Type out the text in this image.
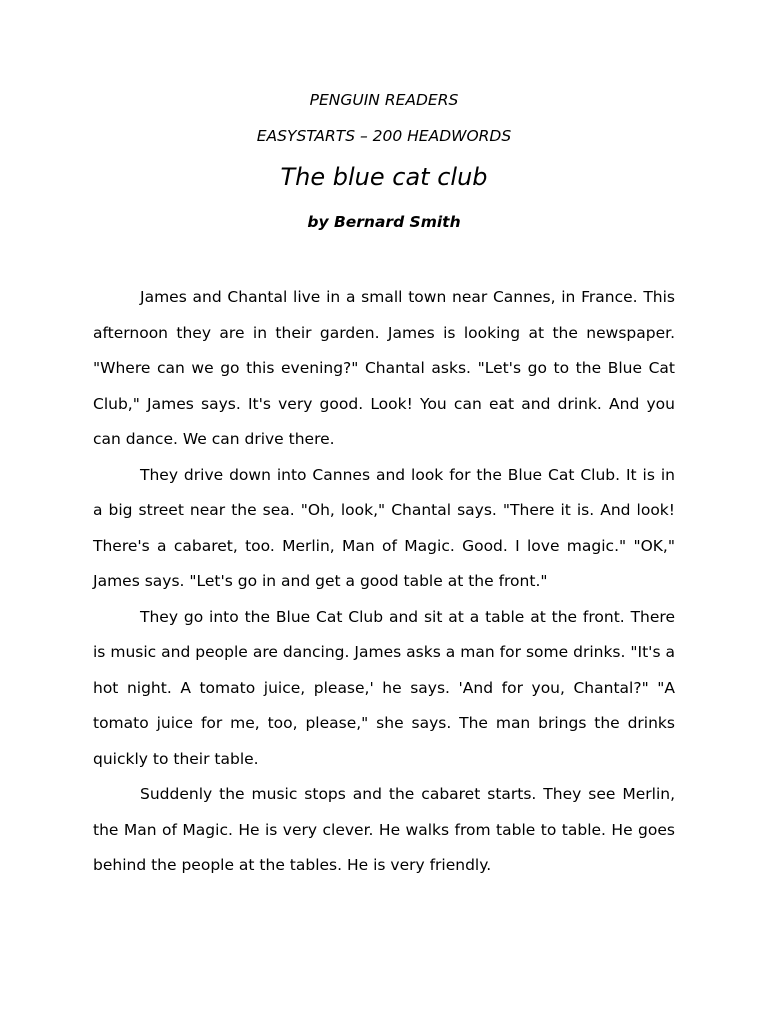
PENGUIN READERS
EASYSTARTS – 200 HEADWORDS
The blue cat club
by Bernard Smith

James and Chantal live in a small town near Cannes, in France. This afternoon they are in their garden. James is looking at the newspaper. "Where can we go this evening?" Chantal asks. "Let's go to the Blue Cat Club," James says. It's very good. Look! You can eat and drink. And you can dance. We can drive there.

They drive down into Cannes and look for the Blue Cat Club. It is in a big street near the sea. "Oh, look," Chantal says. "There it is. And look! There's a cabaret, too. Merlin, Man of Magic. Good. I love magic." "OK," James says. "Let's go in and get a good table at the front."

They go into the Blue Cat Club and sit at a table at the front. There is music and people are dancing. James asks a man for some drinks. "It's a hot night. A tomato juice, please,' he says. 'And for you, Chantal?" "A tomato juice for me, too, please," she says. The man brings the drinks quickly to their table.

Suddenly the music stops and the cabaret starts. They see Merlin, the Man of Magic. He is very clever. He walks from table to table. He goes behind the people at the tables. He is very friendly.
